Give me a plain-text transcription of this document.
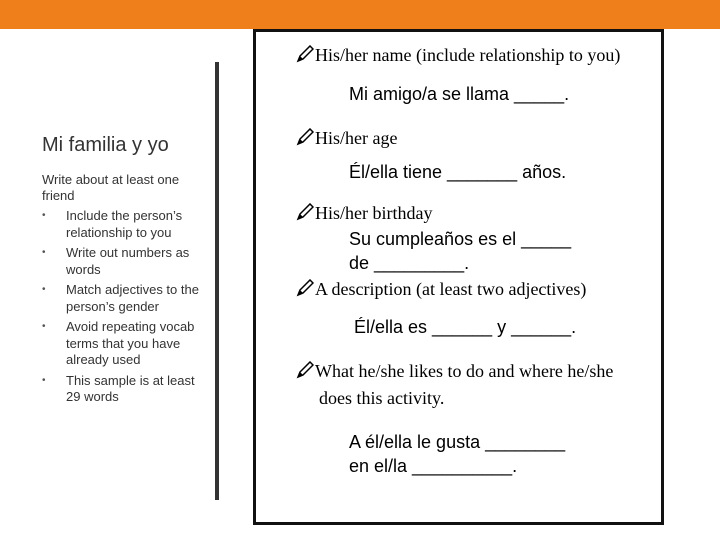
Mi familia y yo
Write about at least one friend
• Include the person’s relationship to you
• Write out numbers as words
• Match adjectives to the person’s gender
• Avoid repeating vocab terms that you have already used
• This sample is at least 29 words
His/her name (include relationship to you)
Mi amigo/a se llama _____.
His/her age
Él/ella tiene _______ años.
His/her birthday
Su cumpleaños es el _____
de _________.
A description (at least two adjectives)
Él/ella es ______ y ______.
What he/she likes to do and where he/she
does this activity.
A él/ella le gusta ________
en el/la __________.
